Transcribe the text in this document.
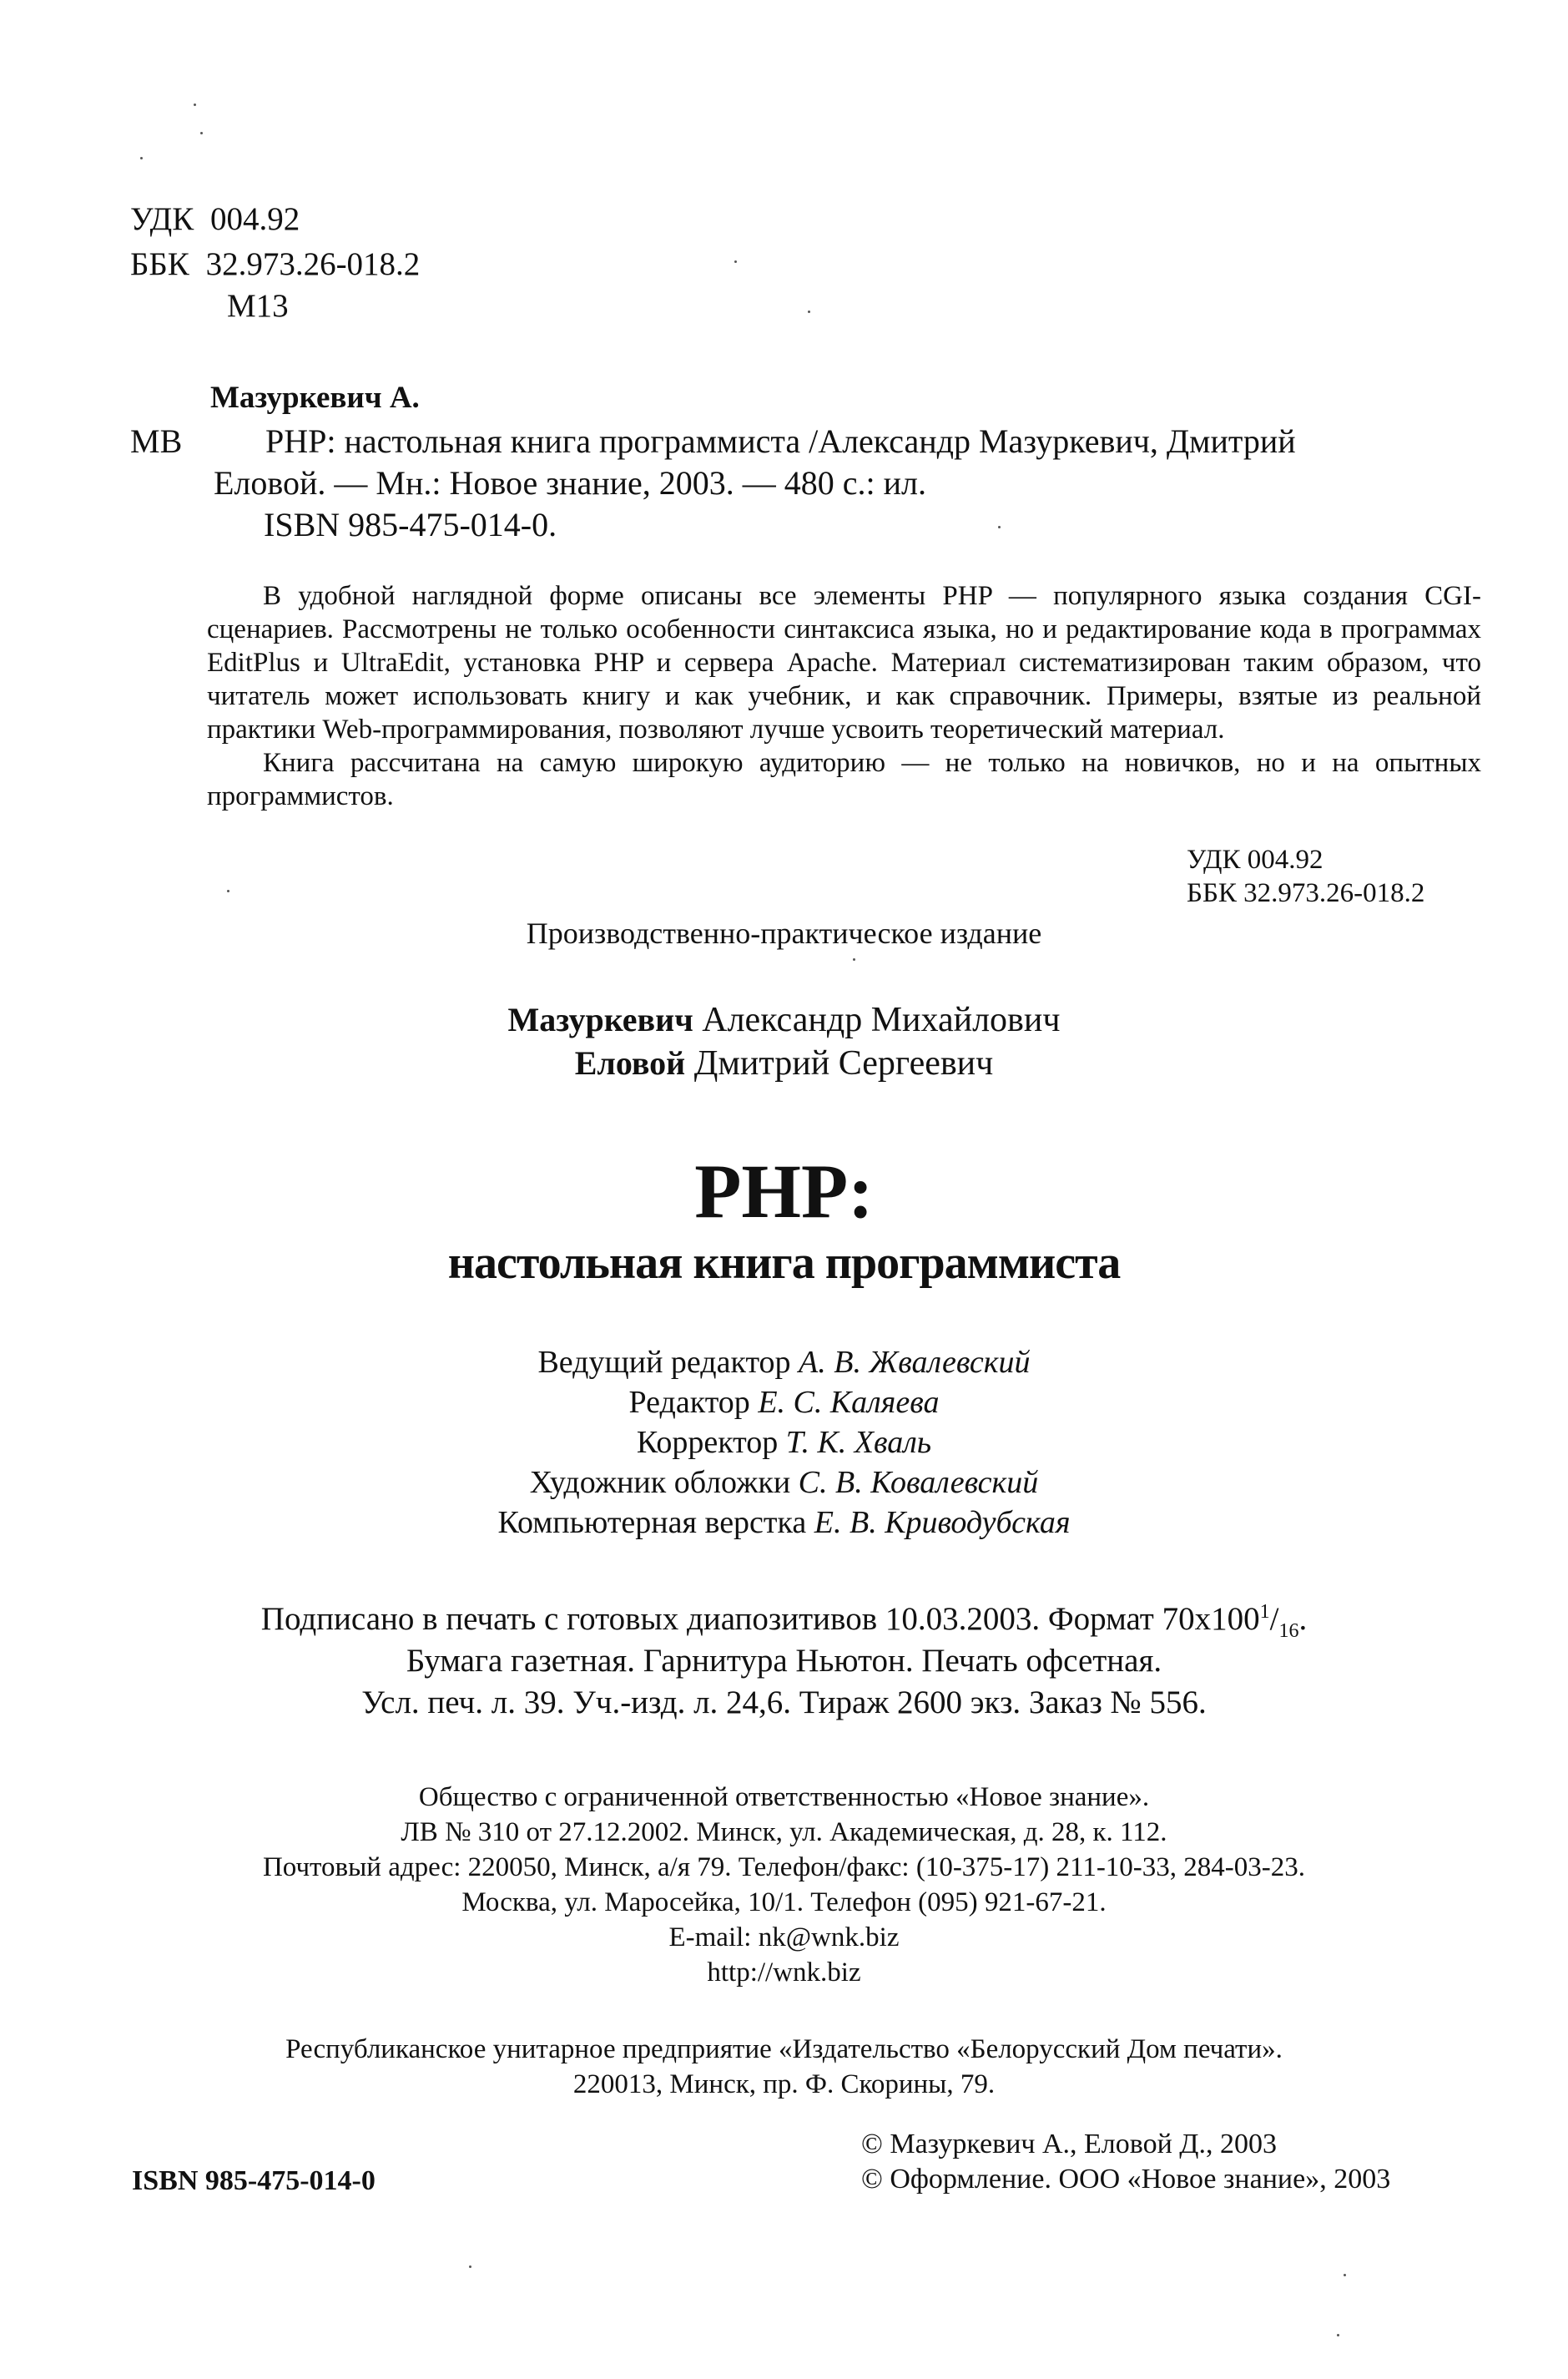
УДК 004.92
ББК 32.973.26-018.2
М13
Мазуркевич А.
МВ PHP: настольная книга программиста /Александр Мазуркевич, Дмитрий
Еловой. — Мн.: Новое знание, 2003. — 480 с.: ил.
ISBN 985-475-014-0.

В удобной наглядной форме описаны все элементы PHP — популярного языка создания CGI-сценариев. Рассмотрены не только особенности синтаксиса языка, но и редактирование кода в программах EditPlus и UltraEdit, установка PHP и сервера Apache. Материал систематизирован таким образом, что читатель может использовать книгу и как учебник, и как справочник. Примеры, взятые из реальной практики Web-программирования, позволяют лучше усвоить теоретический материал.

Книга рассчитана на самую широкую аудиторию — не только на новичков, но и на опытных программистов.

УДК 004.92
ББК 32.973.26-018.2
Производственно-практическое издание
Мазуркевич Александр Михайлович
Еловой Дмитрий Сергеевич
PHP:
настольная книга программиста
Ведущий редактор А. В. Жвалевский
Редактор Е. С. Каляева
Корректор Т. К. Хваль
Художник обложки С. В. Ковалевский
Компьютерная верстка Е. В. Криводубская
Подписано в печать с готовых диапозитивов 10.03.2003. Формат $70х100^1/_{16}$.
Бумага газетная. Гарнитура Ньютон. Печать офсетная.
Усл. печ. л. 39. Уч.-изд. л. 24,6. Тираж 2600 экз. Заказ № 556.
Общество с ограниченной ответственностью «Новое знание».
ЛВ № 310 от 27.12.2002. Минск, ул. Академическая, д. 28, к. 112.
Почтовый адрес: 220050, Минск, а/я 79. Телефон/факс: (10-375-17) 211-10-33, 284-03-23.
Москва, ул. Маросейка, 10/1. Телефон (095) 921-67-21.
E-mail: nk@wnk.biz
http://wnk.biz
Республиканское унитарное предприятие «Издательство «Белорусский Дом печати».
220013, Минск, пр. Ф. Скорины, 79.
ISBN 985-475-014-0
© Мазуркевич А., Еловой Д., 2003
© Оформление. ООО «Новое знание», 2003
